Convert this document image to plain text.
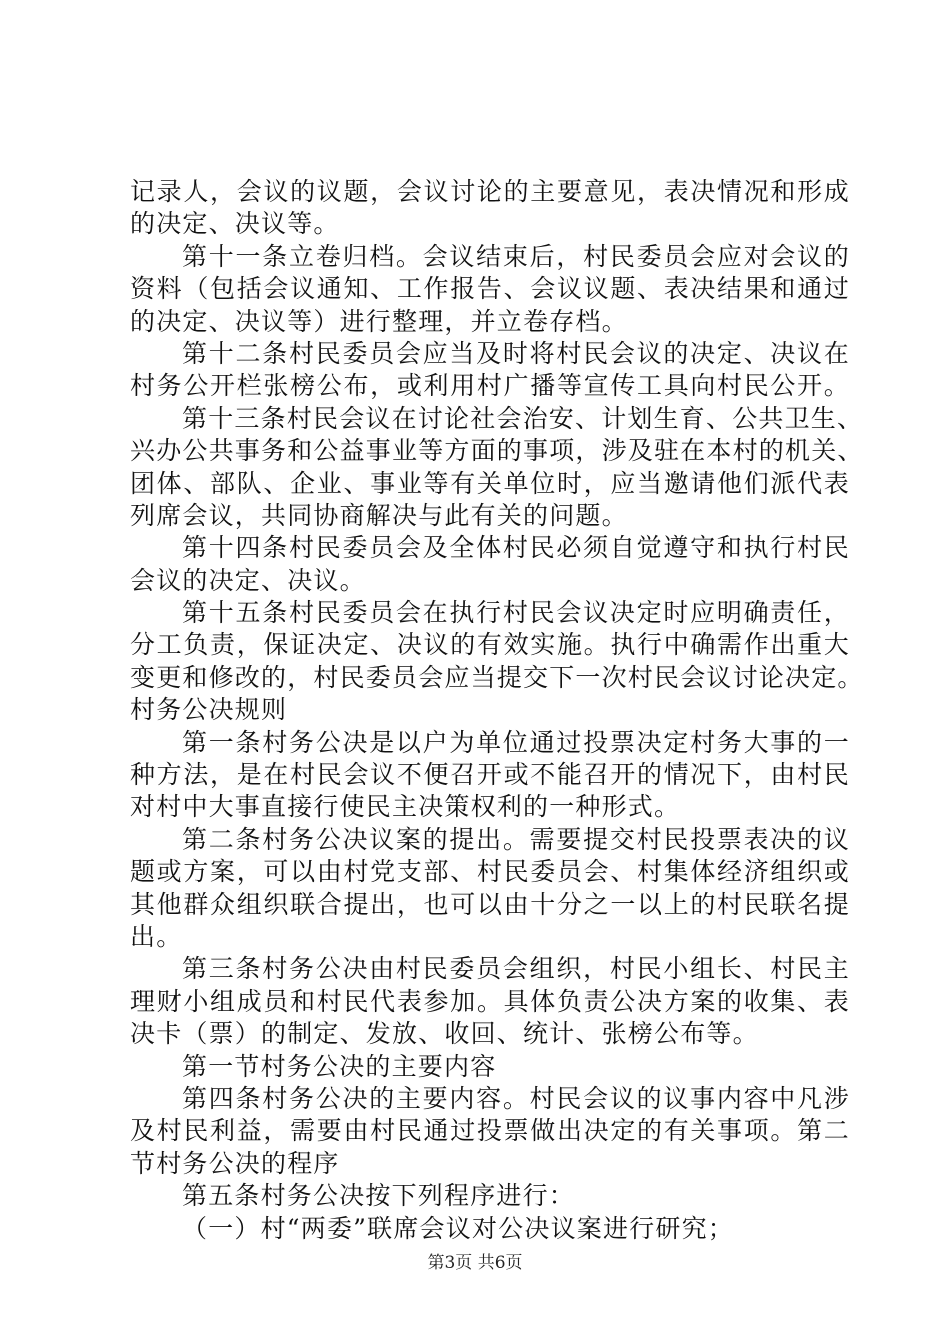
记录人，会议的议题，会议讨论的主要意见，表决情况和形成
的决定、决议等。
第十一条立卷归档。会议结束后，村民委员会应对会议的
资料（包括会议通知、工作报告、会议议题、表决结果和通过
的决定、决议等）进行整理，并立卷存档。
第十二条村民委员会应当及时将村民会议的决定、决议在
村务公开栏张榜公布，或利用村广播等宣传工具向村民公开。
第十三条村民会议在讨论社会治安、计划生育、公共卫生、
兴办公共事务和公益事业等方面的事项，涉及驻在本村的机关、
团体、部队、企业、事业等有关单位时，应当邀请他们派代表
列席会议，共同协商解决与此有关的问题。
第十四条村民委员会及全体村民必须自觉遵守和执行村民
会议的决定、决议。
第十五条村民委员会在执行村民会议决定时应明确责任，
分工负责，保证决定、决议的有效实施。执行中确需作出重大
变更和修改的，村民委员会应当提交下一次村民会议讨论决定。
村务公决规则
第一条村务公决是以户为单位通过投票决定村务大事的一
种方法，是在村民会议不便召开或不能召开的情况下，由村民
对村中大事直接行使民主决策权利的一种形式。
第二条村务公决议案的提出。需要提交村民投票表决的议
题或方案，可以由村党支部、村民委员会、村集体经济组织或
其他群众组织联合提出，也可以由十分之一以上的村民联名提
出。
第三条村务公决由村民委员会组织，村民小组长、村民主
理财小组成员和村民代表参加。具体负责公决方案的收集、表
决卡（票）的制定、发放、收回、统计、张榜公布等。
第一节村务公决的主要内容
第四条村务公决的主要内容。村民会议的议事内容中凡涉
及村民利益，需要由村民通过投票做出决定的有关事项。第二
节村务公决的程序
第五条村务公决按下列程序进行：
（一）村“两委”联席会议对公决议案进行研究；
第3页 共6页
